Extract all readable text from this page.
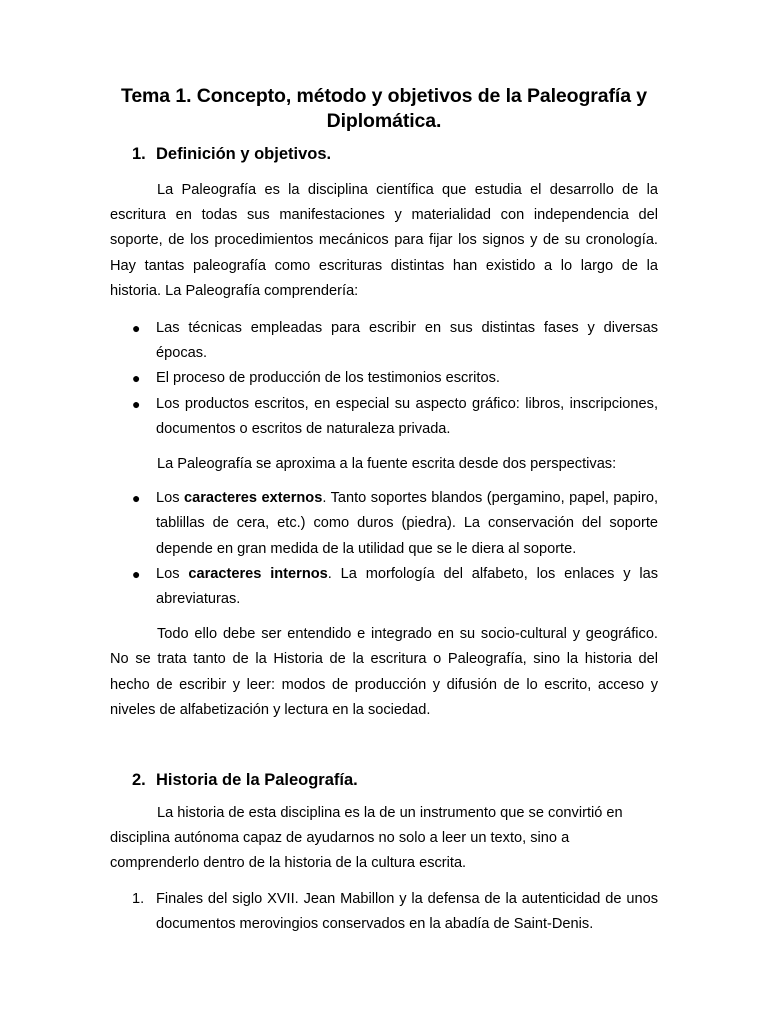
Tema 1. Concepto, método y objetivos de la Paleografía y Diplomática.
1. Definición y objetivos.

La Paleografía es la disciplina científica que estudia el desarrollo de la escritura en todas sus manifestaciones y materialidad con independencia del soporte, de los procedimientos mecánicos para fijar los signos y de su cronología. Hay tantas paleografía como escrituras distintas han existido a lo largo de la historia. La Paleografía comprendería:

● Las técnicas empleadas para escribir en sus distintas fases y diversas épocas.
● El proceso de producción de los testimonios escritos.
● Los productos escritos, en especial su aspecto gráfico: libros, inscripciones, documentos o escritos de naturaleza privada.

La Paleografía se aproxima a la fuente escrita desde dos perspectivas:

● Los caracteres externos. Tanto soportes blandos (pergamino, papel, papiro, tablillas de cera, etc.) como duros (piedra). La conservación del soporte depende en gran medida de la utilidad que se le diera al soporte.
● Los caracteres internos. La morfología del alfabeto, los enlaces y las abreviaturas.

Todo ello debe ser entendido e integrado en su socio-cultural y geográfico. No se trata tanto de la Historia de la escritura o Paleografía, sino la historia del hecho de escribir y leer: modos de producción y difusión de lo escrito, acceso y niveles de alfabetización y lectura en la sociedad.

2. Historia de la Paleografía.

La historia de esta disciplina es la de un instrumento que se convirtió en disciplina autónoma capaz de ayudarnos no solo a leer un texto, sino a comprenderlo dentro de la historia de la cultura escrita.

1. Finales del siglo XVII. Jean Mabillon y la defensa de la autenticidad de unos documentos merovingios conservados en la abadía de Saint-Denis.
